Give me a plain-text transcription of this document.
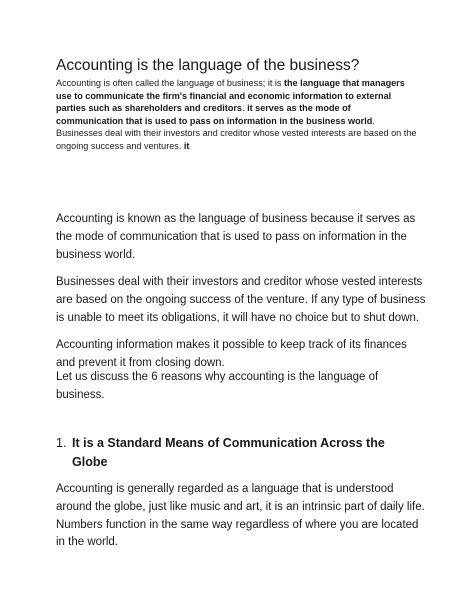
Accounting is the language of the business?

Accounting is often called the language of business; it is the language that managers use to communicate the firm's financial and economic information to external parties such as shareholders and creditors. it serves as the mode of communication that is used to pass on information in the business world. Businesses deal with their investors and creditor whose vested interests are based on the ongoing success and ventures. it

Accounting is known as the language of business because it serves as the mode of communication that is used to pass on information in the business world.

Businesses deal with their investors and creditor whose vested interests are based on the ongoing success of the venture. If any type of business is unable to meet its obligations, it will have no choice but to shut down.

Accounting information makes it possible to keep track of its finances and prevent it from closing down.

Let us discuss the 6 reasons why accounting is the language of business.

1. It is a Standard Means of Communication Across the Globe

Accounting is generally regarded as a language that is understood around the globe, just like music and art, it is an intrinsic part of daily life. Numbers function in the same way regardless of where you are located in the world.
